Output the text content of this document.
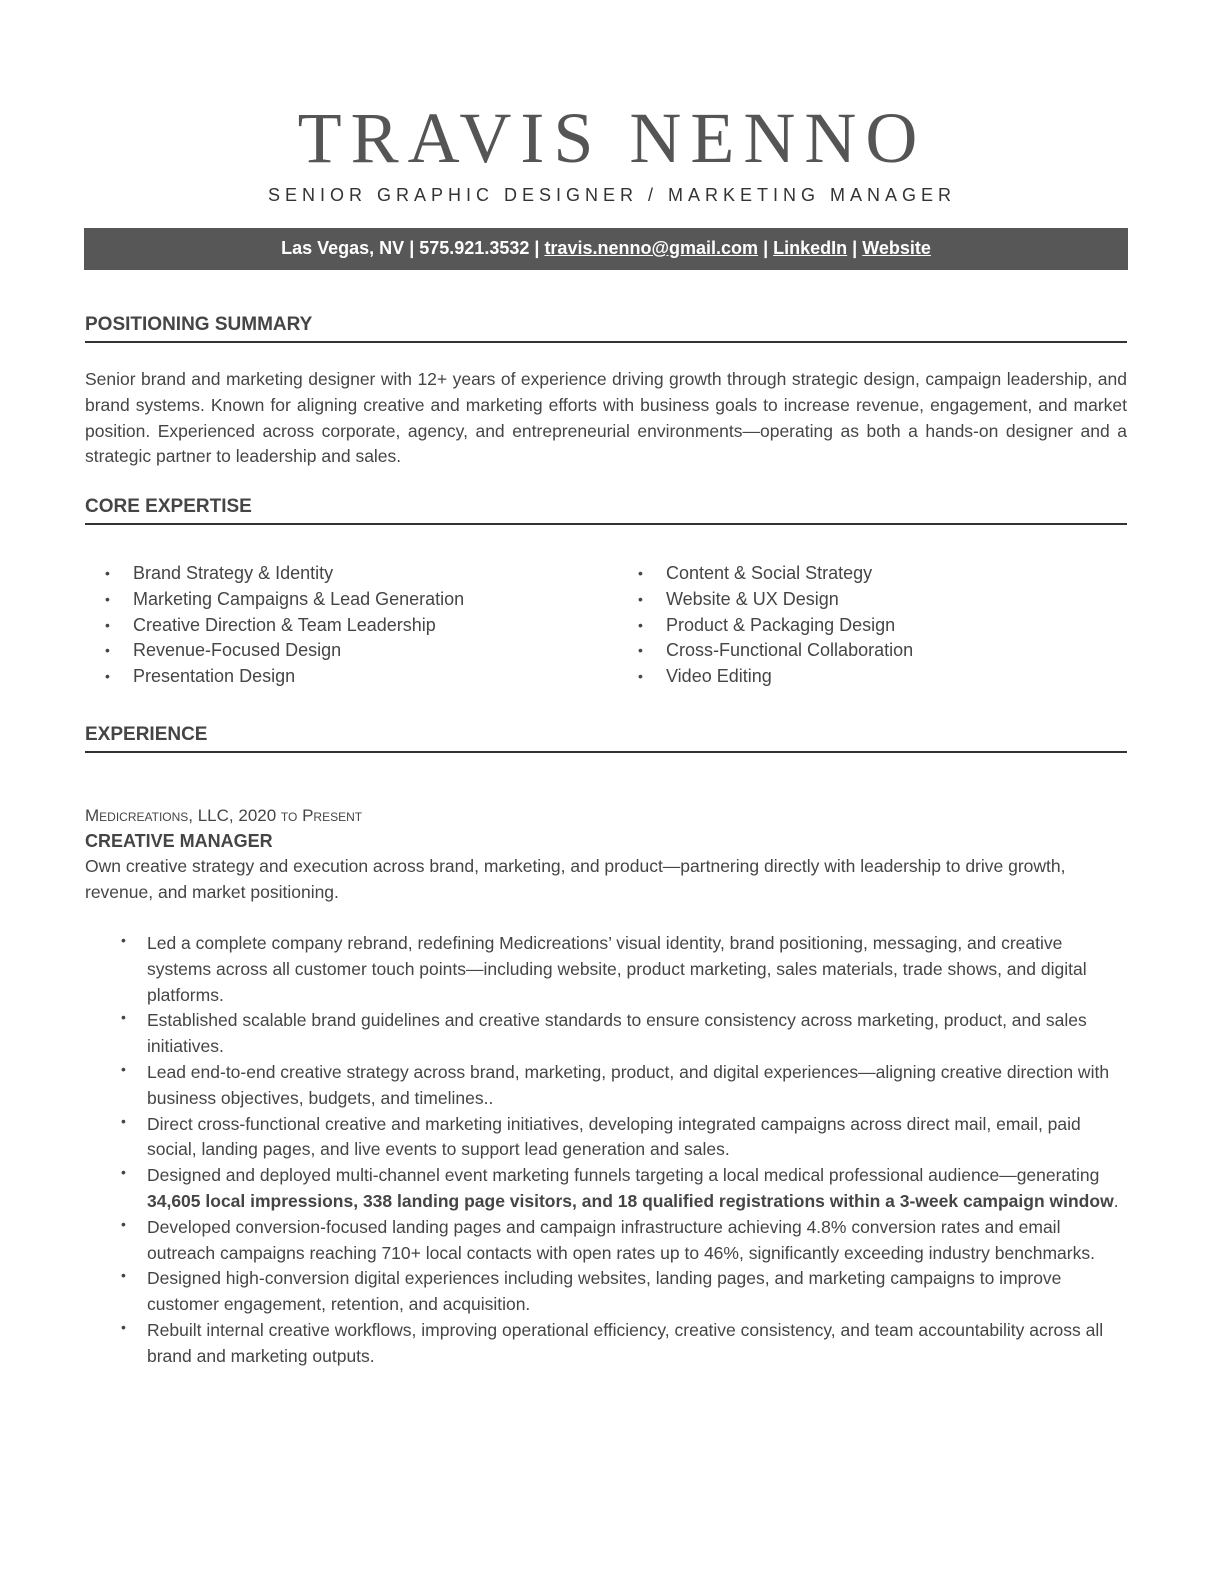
TRAVIS NENNO
SENIOR GRAPHIC DESIGNER / MARKETING MANAGER
Las Vegas, NV | 575.921.3532 | travis.nenno@gmail.com | LinkedIn | Website
POSITIONING SUMMARY
Senior brand and marketing designer with 12+ years of experience driving growth through strategic design, campaign leadership, and brand systems. Known for aligning creative and marketing efforts with business goals to increase revenue, engagement, and market position. Experienced across corporate, agency, and entrepreneurial environments—operating as both a hands-on designer and a strategic partner to leadership and sales.
CORE EXPERTISE
• Brand Strategy & Identity
• Marketing Campaigns & Lead Generation
• Creative Direction & Team Leadership
• Revenue-Focused Design
• Presentation Design
• Content & Social Strategy
• Website & UX Design
• Product & Packaging Design
• Cross-Functional Collaboration
• Video Editing
EXPERIENCE
Medicreations, LLC, 2020 to Present
CREATIVE MANAGER
Own creative strategy and execution across brand, marketing, and product—partnering directly with leadership to drive growth, revenue, and market positioning.
• Led a complete company rebrand, redefining Medicreations’ visual identity, brand positioning, messaging, and creative systems across all customer touch points—including website, product marketing, sales materials, trade shows, and digital platforms.
• Established scalable brand guidelines and creative standards to ensure consistency across marketing, product, and sales initiatives.
• Lead end-to-end creative strategy across brand, marketing, product, and digital experiences—aligning creative direction with business objectives, budgets, and timelines..
• Direct cross-functional creative and marketing initiatives, developing integrated campaigns across direct mail, email, paid social, landing pages, and live events to support lead generation and sales.
• Designed and deployed multi-channel event marketing funnels targeting a local medical professional audience—generating 34,605 local impressions, 338 landing page visitors, and 18 qualified registrations within a 3-week campaign window.
• Developed conversion-focused landing pages and campaign infrastructure achieving 4.8% conversion rates and email outreach campaigns reaching 710+ local contacts with open rates up to 46%, significantly exceeding industry benchmarks.
• Designed high-conversion digital experiences including websites, landing pages, and marketing campaigns to improve customer engagement, retention, and acquisition.
• Rebuilt internal creative workflows, improving operational efficiency, creative consistency, and team accountability across all brand and marketing outputs.
